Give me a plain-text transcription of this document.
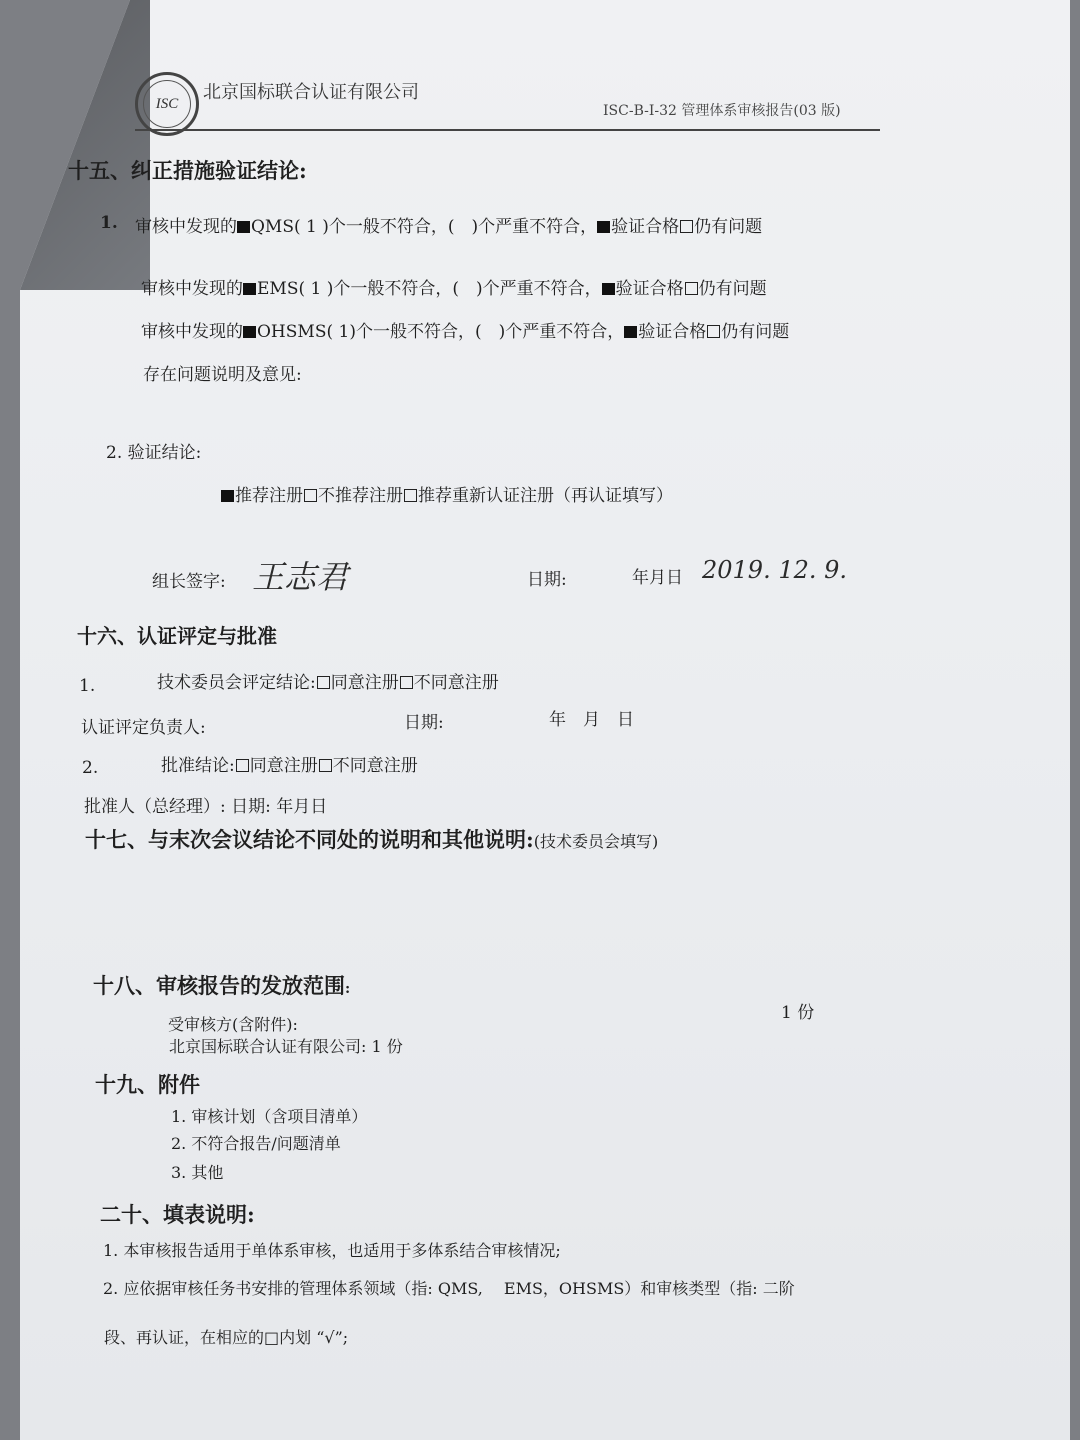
ISC
北京国标联合认证有限公司
ISC-B-I-32 管理体系审核报告(03 版)
十五、纠正措施验证结论:
1. 审核中发现的 QMS( 1 )个一般不符合，(　)个严重不符合， 验证合格 仍有问题
审核中发现的 EMS( 1 )个一般不符合，(　)个严重不符合， 验证合格 仍有问题
审核中发现的 OHSMS( 1)个一般不符合，(　)个严重不符合， 验证合格 仍有问题
存在问题说明及意见:
2. 验证结论:
推荐注册 不推荐注册 推荐重新认证注册（再认证填写）
组长签字: 王志君	日期:	年月日 2019. 12. 9.
十六、认证评定与批准
1.	技术委员会评定结论: 同意注册 不同意注册
认证评定负责人:	日期:	年　月　日
2.	批准结论: 同意注册 不同意注册
批准人（总经理）: 日期: 年月日
十七、与末次会议结论不同处的说明和其他说明:(技术委员会填写)
十八、审核报告的发放范围:
1 份
受审核方(含附件):
北京国标联合认证有限公司: 1 份
十九、附件
1. 审核计划（含项目清单）
2. 不符合报告/问题清单
3. 其他
二十、填表说明:
1. 本审核报告适用于单体系审核，也适用于多体系结合审核情况;
2. 应依据审核任务书安排的管理体系领域（指: QMS,　 EMS，OHSMS）和审核类型（指: 二阶
段、再认证，在相应的□内划 “√”;
